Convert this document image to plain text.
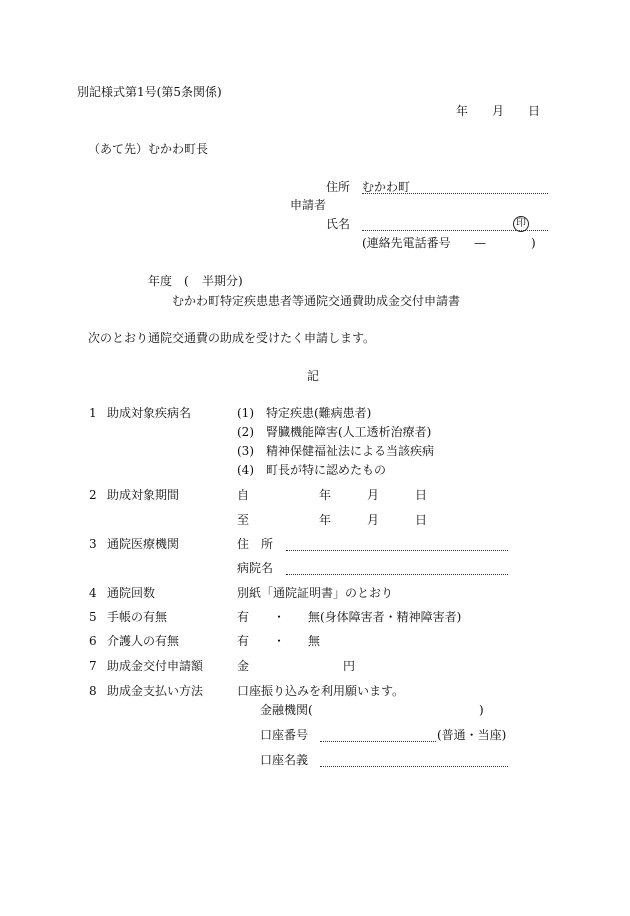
別記様式第1号(第5条関係)
年 月 日
（あて先） むかわ町長
住所 むかわ町
申請者
氏名	印
(連絡先電話番号 —	)
年度 ( 半期分)
むかわ町特定疾患患者等通院交通費助成金交付申請書
次のとおり通院交通費の助成を受けたく申請します。
記
1 助成対象疾病名	(1) 特定疾患(難病患者)
(2) 腎臓機能障害(人工透析治療者)
(3) 精神保健福祉法による当該疾病
(4) 町長が特に認めたもの
2 助成対象期間	自	年	月	日
至	年	月	日
3 通院医療機関	住　所
病院名
4 通院回数	別紙「通院証明書」のとおり
5 手帳の有無	有 ・ 無(身体障害者・精神障害者)
6 介護人の有無	有 ・ 無
7 助成金交付申請額	金	円
8 助成金支払い方法	口座振り込みを利用願います。
金融機関(	)
口座番号	(普通・当座)
口座名義
